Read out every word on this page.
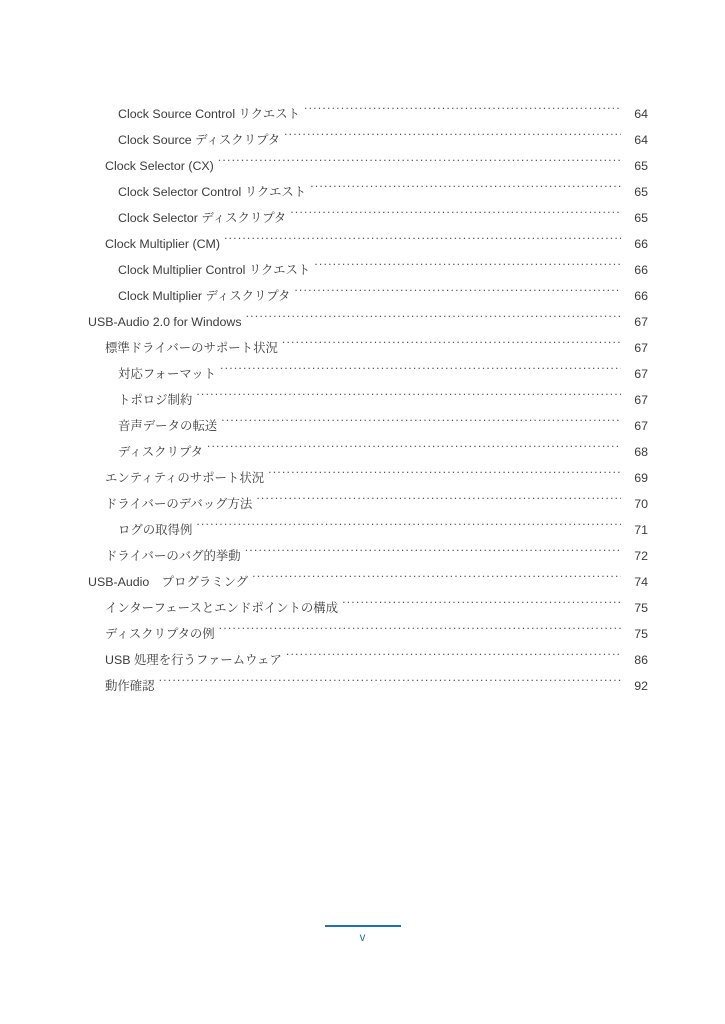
Clock Source Control リクエスト .....	64
Clock Source ディスクリプタ .....	64
Clock Selector (CX) .....	65
Clock Selector Control リクエスト .....	65
Clock Selector ディスクリプタ .....	65
Clock Multiplier (CM) .....	66
Clock Multiplier Control リクエスト .....	66
Clock Multiplier ディスクリプタ .....	66
USB-Audio 2.0 for Windows .....	67
標準ドライバーのサポート状況 .....	67
対応フォーマット .....	67
トポロジ制約 .....	67
音声データの転送 .....	67
ディスクリプタ .....	68
エンティティのサポート状況 .....	69
ドライバーのデバッグ方法 .....	70
ログの取得例 .....	71
ドライバーのバグ的挙動 .....	72
USB-Audio　プログラミング .....	74
インターフェースとエンドポイントの構成 .....	75
ディスクリプタの例 .....	75
USB 処理を行うファームウェア .....	86
動作確認 .....	92
v
